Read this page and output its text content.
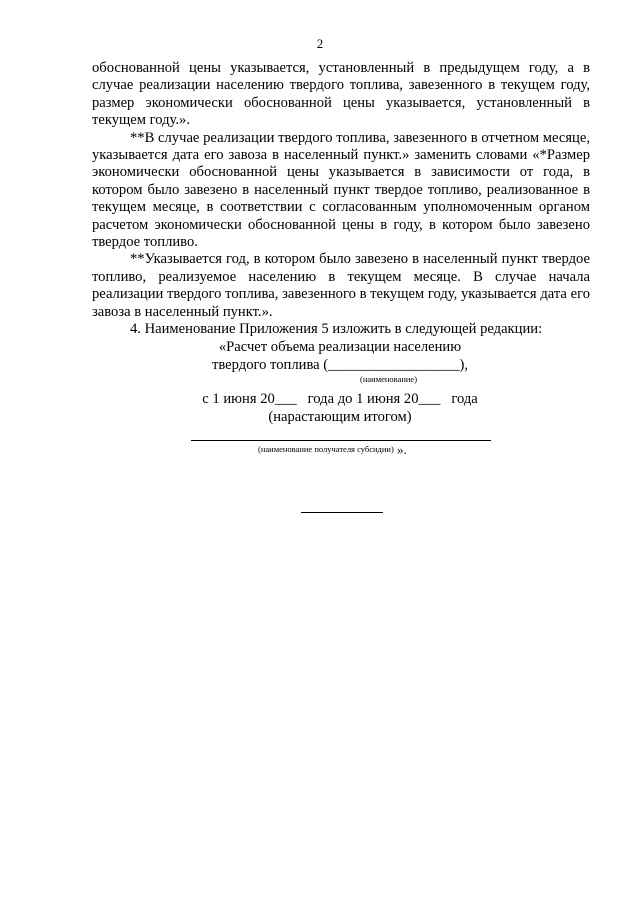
2

обоснованной цены указывается, установленный в предыдущем году, а в случае реализации населению твердого топлива, завезенного в текущем году, размер экономически обоснованной цены указывается, установленный в текущем году.».

**В случае реализации твердого топлива, завезенного в отчетном месяце, указывается дата его завоза в населенный пункт.» заменить словами «*Размер экономически обоснованной цены указывается в зависимости от года, в котором было завезено в населенный пункт твердое топливо, реализованное в текущем месяце, в соответствии с согласованным уполномоченным органом расчетом экономически обоснованной цены в году, в котором было завезено твердое топливо.

**Указывается год, в котором было завезено в населенный пункт твердое топливо, реализуемое населению в текущем месяце. В случае начала реализации твердого топлива, завезенного в текущем году, указывается дата его завоза в населенный пункт.».

4. Наименование Приложения 5 изложить в следующей редакции:

«Расчет объема реализации населению
твердого топлива (__________________),
(наименование)
с 1 июня 20___   года до 1 июня 20___   года
(нарастающим итогом)
(наименование получателя субсидии) ».
